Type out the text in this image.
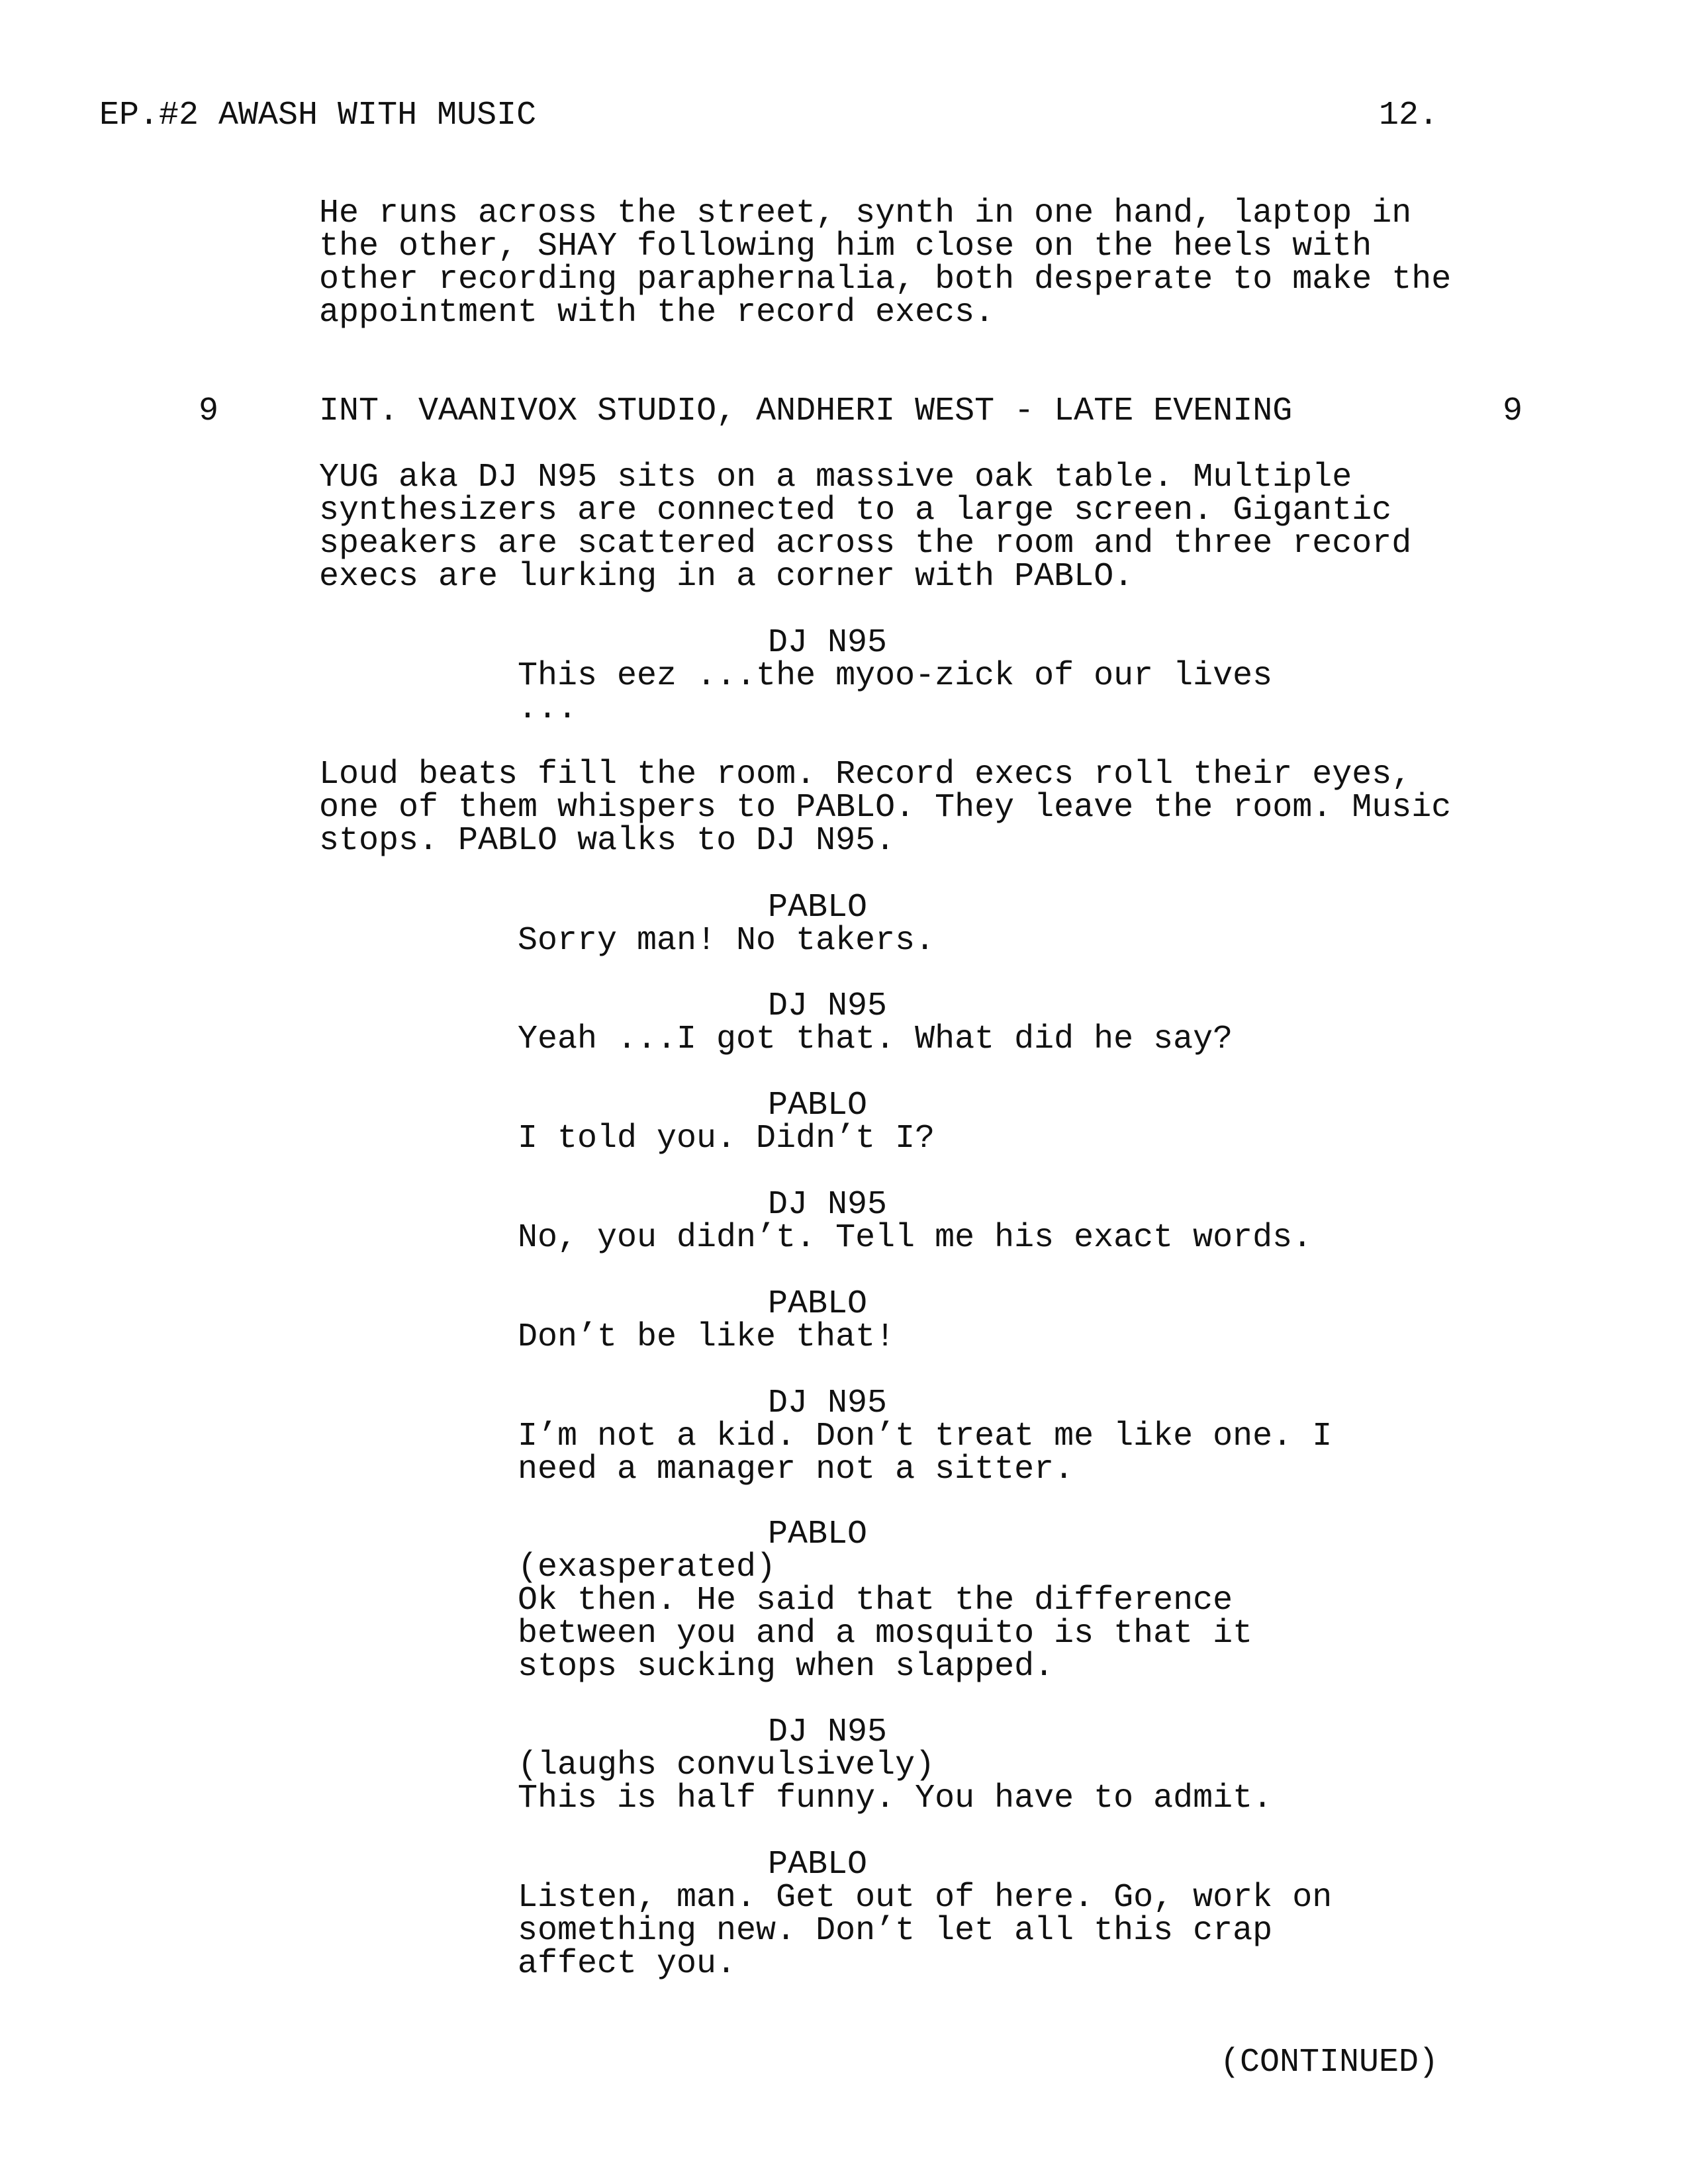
EP.#2 AWASH WITH MUSIC	12.
He runs across the street, synth in one hand, laptop in
the other, SHAY following him close on the heels with
other recording paraphernalia, both desperate to make the
appointment with the record execs.
9	INT. VAANIVOX STUDIO, ANDHERI WEST - LATE EVENING	9
YUG aka DJ N95 sits on a massive oak table. Multiple
synthesizers are connected to a large screen. Gigantic
speakers are scattered across the room and three record
execs are lurking in a corner with PABLO.
DJ N95
This eez ...the myoo-zick of our lives
...
Loud beats fill the room. Record execs roll their eyes,
one of them whispers to PABLO. They leave the room. Music
stops. PABLO walks to DJ N95.
PABLO
Sorry man! No takers.
DJ N95
Yeah ...I got that. What did he say?
PABLO
I told you. Didn’t I?
DJ N95
No, you didn’t. Tell me his exact words.
PABLO
Don’t be like that!
DJ N95
I’m not a kid. Don’t treat me like one. I
need a manager not a sitter.
PABLO
(exasperated)
Ok then. He said that the difference
between you and a mosquito is that it
stops sucking when slapped.
DJ N95
(laughs convulsively)
This is half funny. You have to admit.
PABLO
Listen, man. Get out of here. Go, work on
something new. Don’t let all this crap
affect you.
(CONTINUED)
